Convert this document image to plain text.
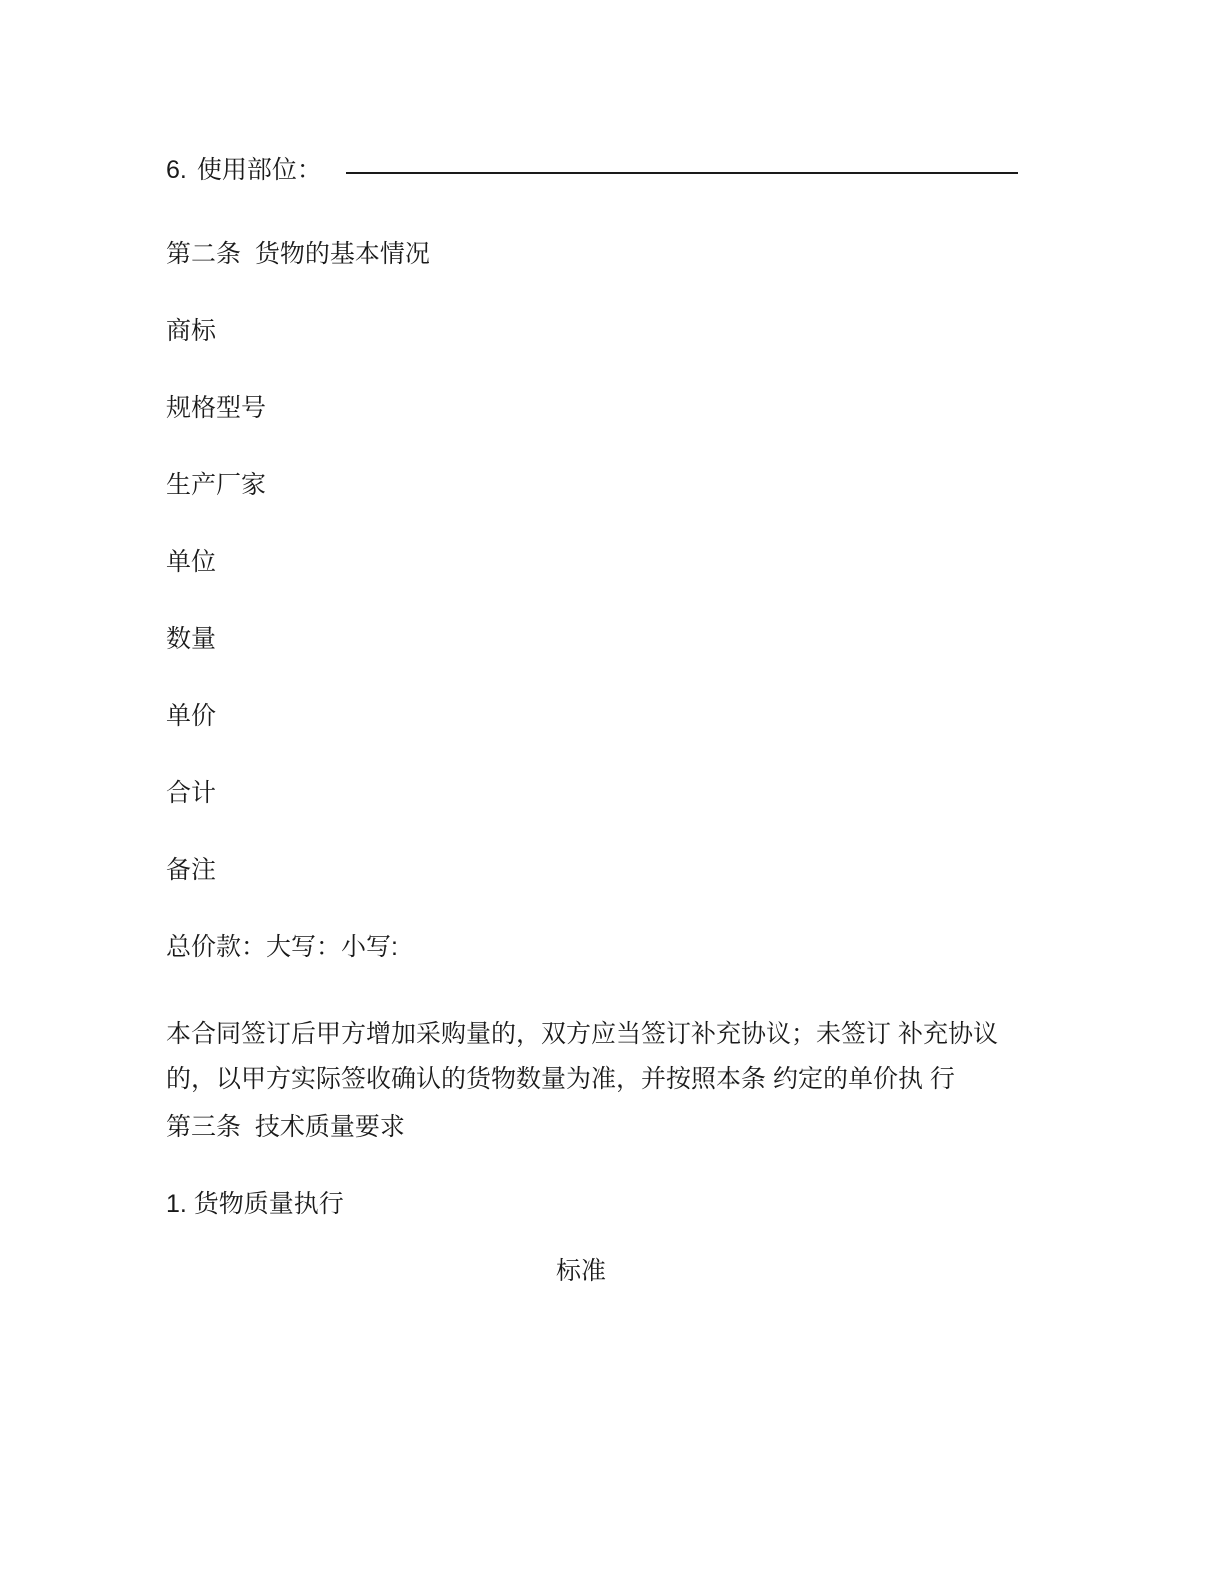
6. 使用部位：
第二条  货物的基本情况
商标
规格型号
生产厂家
单位
数量
单价
合计
备注
总价款：大写：小写:
本合同签订后甲方增加采购量的，双方应当签订补充协议；未签订 补充协议的，以甲方实际签收确认的货物数量为准，并按照本条 约定的单价执 行
第三条  技术质量要求
1. 货物质量执行
标准
